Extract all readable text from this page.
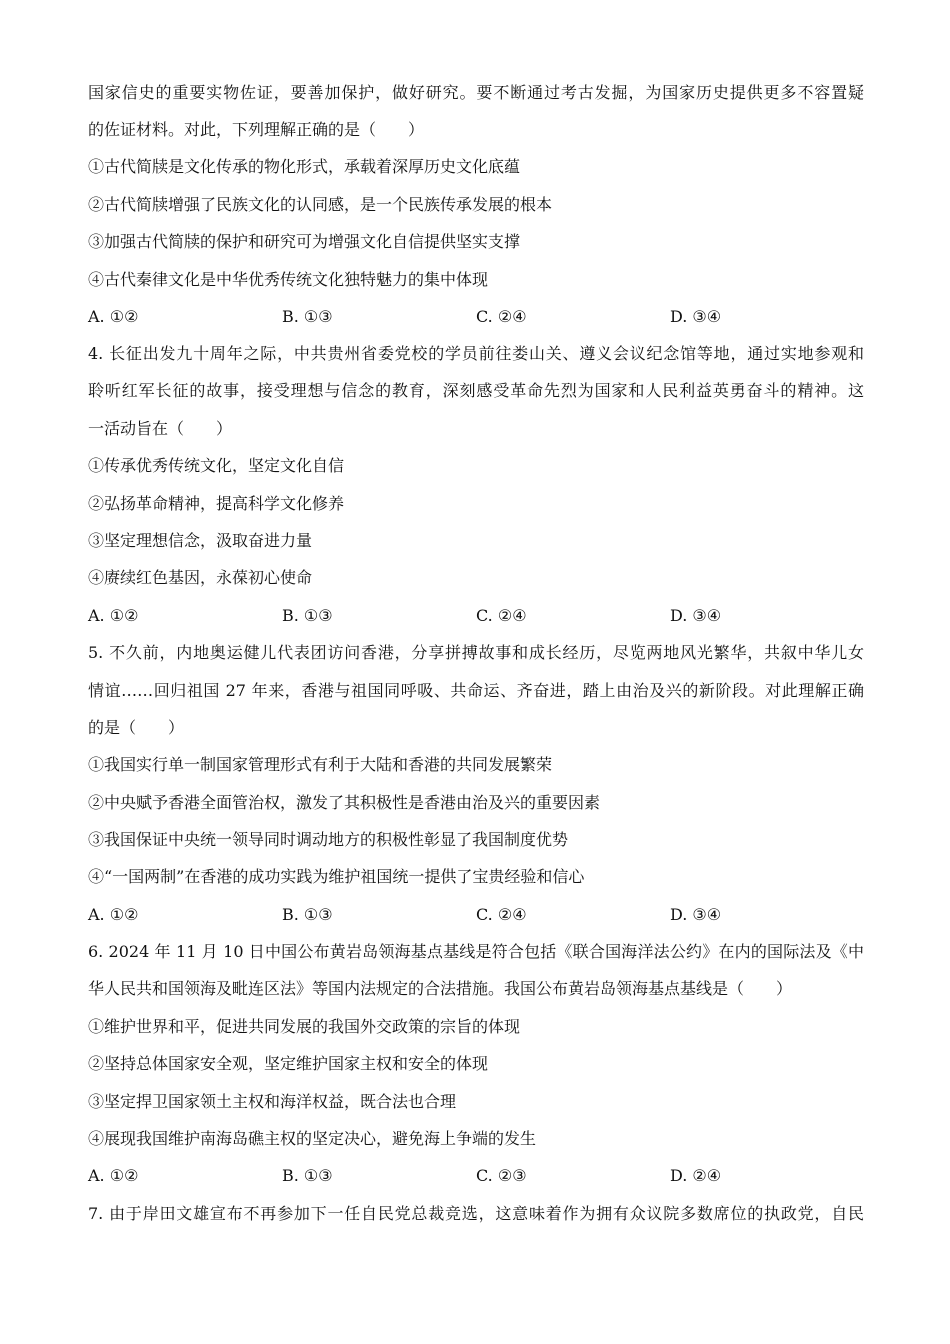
国家信史的重要实物佐证，要善加保护，做好研究。要不断通过考古发掘，为国家历史提供更多不容置疑
的佐证材料。对此，下列理解正确的是（　　）
①古代简牍是文化传承的物化形式，承载着深厚历史文化底蕴
②古代简牍增强了民族文化的认同感，是一个民族传承发展的根本
③加强古代简牍的保护和研究可为增强文化自信提供坚实支撑
④古代秦律文化是中华优秀传统文化独特魅力的集中体现
A. ①②	B. ①③	C. ②④	D. ③④
4. 长征出发九十周年之际，中共贵州省委党校的学员前往娄山关、遵义会议纪念馆等地，通过实地参观和
聆听红军长征的故事，接受理想与信念的教育，深刻感受革命先烈为国家和人民利益英勇奋斗的精神。这
一活动旨在（　　）
①传承优秀传统文化，坚定文化自信
②弘扬革命精神，提高科学文化修养
③坚定理想信念，汲取奋进力量
④赓续红色基因，永葆初心使命
A. ①②	B. ①③	C. ②④	D. ③④
5. 不久前，内地奥运健儿代表团访问香港，分享拼搏故事和成长经历，尽览两地风光繁华，共叙中华儿女
情谊……回归祖国 27 年来，香港与祖国同呼吸、共命运、齐奋进，踏上由治及兴的新阶段。对此理解正确
的是（　　）
①我国实行单一制国家管理形式有利于大陆和香港的共同发展繁荣
②中央赋予香港全面管治权，激发了其积极性是香港由治及兴的重要因素
③我国保证中央统一领导同时调动地方的积极性彰显了我国制度优势
④“一国两制”在香港的成功实践为维护祖国统一提供了宝贵经验和信心
A. ①②	B. ①③	C. ②④	D. ③④
6. 2024 年 11 月 10 日中国公布黄岩岛领海基点基线是符合包括《联合国海洋法公约》在内的国际法及《中
华人民共和国领海及毗连区法》等国内法规定的合法措施。我国公布黄岩岛领海基点基线是（　　）
①维护世界和平，促进共同发展的我国外交政策的宗旨的体现
②坚持总体国家安全观，坚定维护国家主权和安全的体现
③坚定捍卫国家领土主权和海洋权益，既合法也合理
④展现我国维护南海岛礁主权的坚定决心，避免海上争端的发生
A. ①②	B. ①③	C. ②③	D. ②④
7. 由于岸田文雄宣布不再参加下一任自民党总裁竞选，这意味着作为拥有众议院多数席位的执政党，自民
